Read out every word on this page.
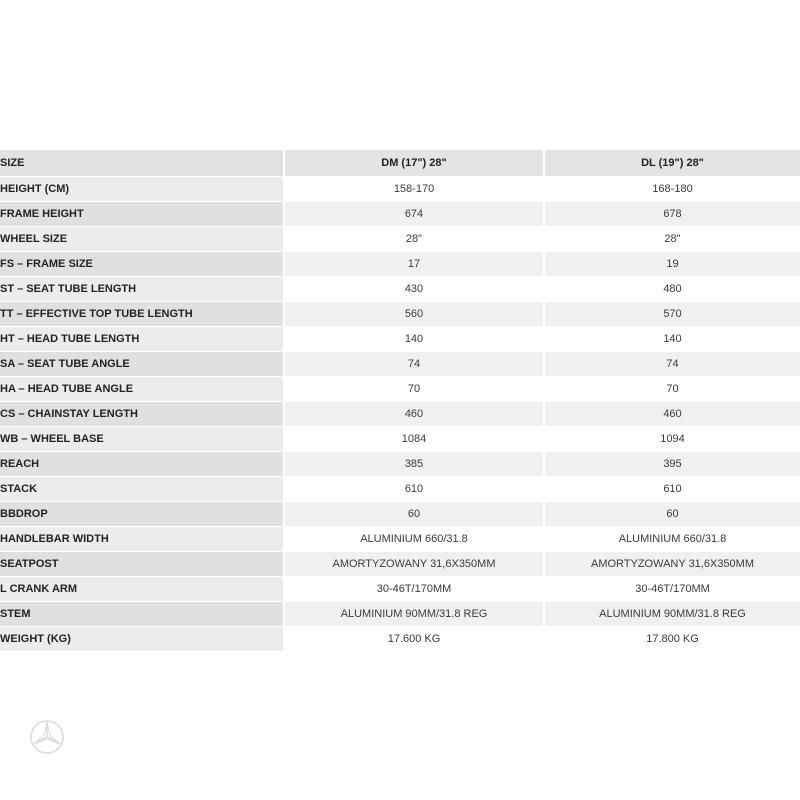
SIZE	DM (17") 28"	DL (19") 28"
HEIGHT (CM)	158-170	168-180
FRAME HEIGHT	674	678
WHEEL SIZE	28"	28"
FS – FRAME SIZE	17	19
ST – SEAT TUBE LENGTH	430	480
TT – EFFECTIVE TOP TUBE LENGTH	560	570
HT – HEAD TUBE LENGTH	140	140
SA – SEAT TUBE ANGLE	74	74
HA – HEAD TUBE ANGLE	70	70
CS – CHAINSTAY LENGTH	460	460
WB – WHEEL BASE	1084	1094
REACH	385	395
STACK	610	610
BBDROP	60	60
HANDLEBAR WIDTH	ALUMINIUM 660/31.8	ALUMINIUM 660/31.8
SEATPOST	AMORTYZOWANY 31,6X350MM	AMORTYZOWANY 31,6X350MM
L CRANK ARM	30-46T/170MM	30-46T/170MM
STEM	ALUMINIUM 90MM/31.8 REG	ALUMINIUM 90MM/31.8 REG
WEIGHT (KG)	17.600 KG	17.800 KG
